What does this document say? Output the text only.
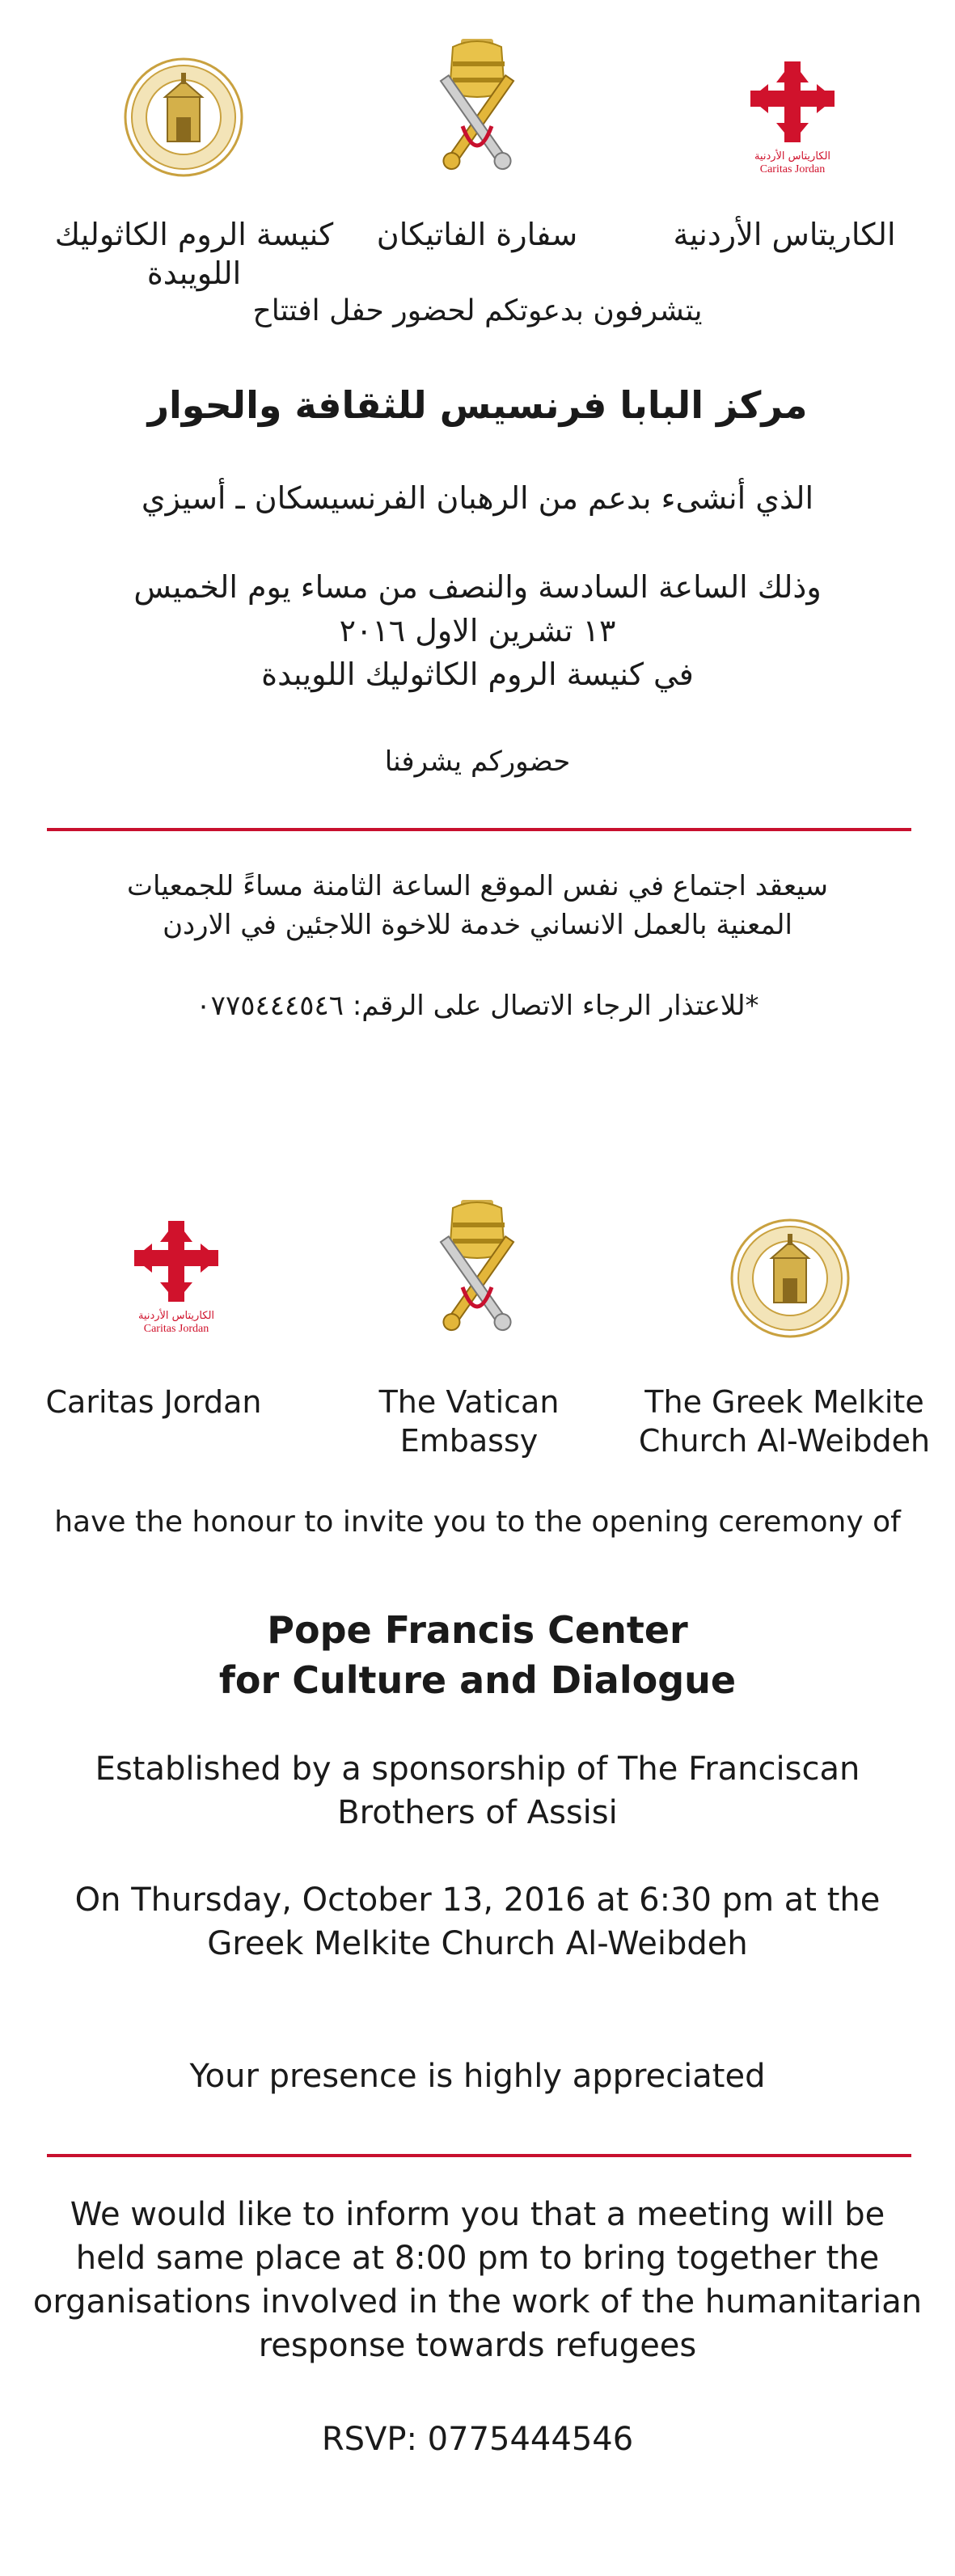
الكاريتاس الأردنية
Caritas Jordan
كنيسة الروم الكاثوليك اللويبدة
سفارة الفاتيكان	الكاريتاس الأردنية
يتشرفون بدعوتكم لحضور حفل افتتاح
مركز البابا فرنسيس للثقافة والحوار
الذي أنشىء بدعم من الرهبان الفرنسيسكان ـ أسيزي
وذلك الساعة السادسة والنصف من مساء يوم الخميس
١٣ تشرين الاول ٢٠١٦
في كنيسة الروم الكاثوليك اللويبدة
حضوركم يشرفنا
سيعقد اجتماع في نفس الموقع الساعة الثامنة مساءً للجمعيات
المعنية بالعمل الانساني خدمة للاخوة اللاجئين في الاردن
*للاعتذار الرجاء الاتصال على الرقم: ٠٧٧٥٤٤٤٥٤٦
الكاريتاس الأردنية
Caritas Jordan
Caritas Jordan	The Vatican Embassy
The Greek Melkite
Church Al-Weibdeh
have the honour to invite you to the opening ceremony of
Pope Francis Center
for Culture and Dialogue
Established by a sponsorship of The Franciscan
Brothers of Assisi
On Thursday, October 13, 2016 at 6:30 pm at the
Greek Melkite Church Al-Weibdeh
Your presence is highly appreciated
We would like to inform you that a meeting will be
held same place at 8:00 pm to bring together the
organisations involved in the work of the humanitarian
response towards refugees
RSVP: 0775444546
